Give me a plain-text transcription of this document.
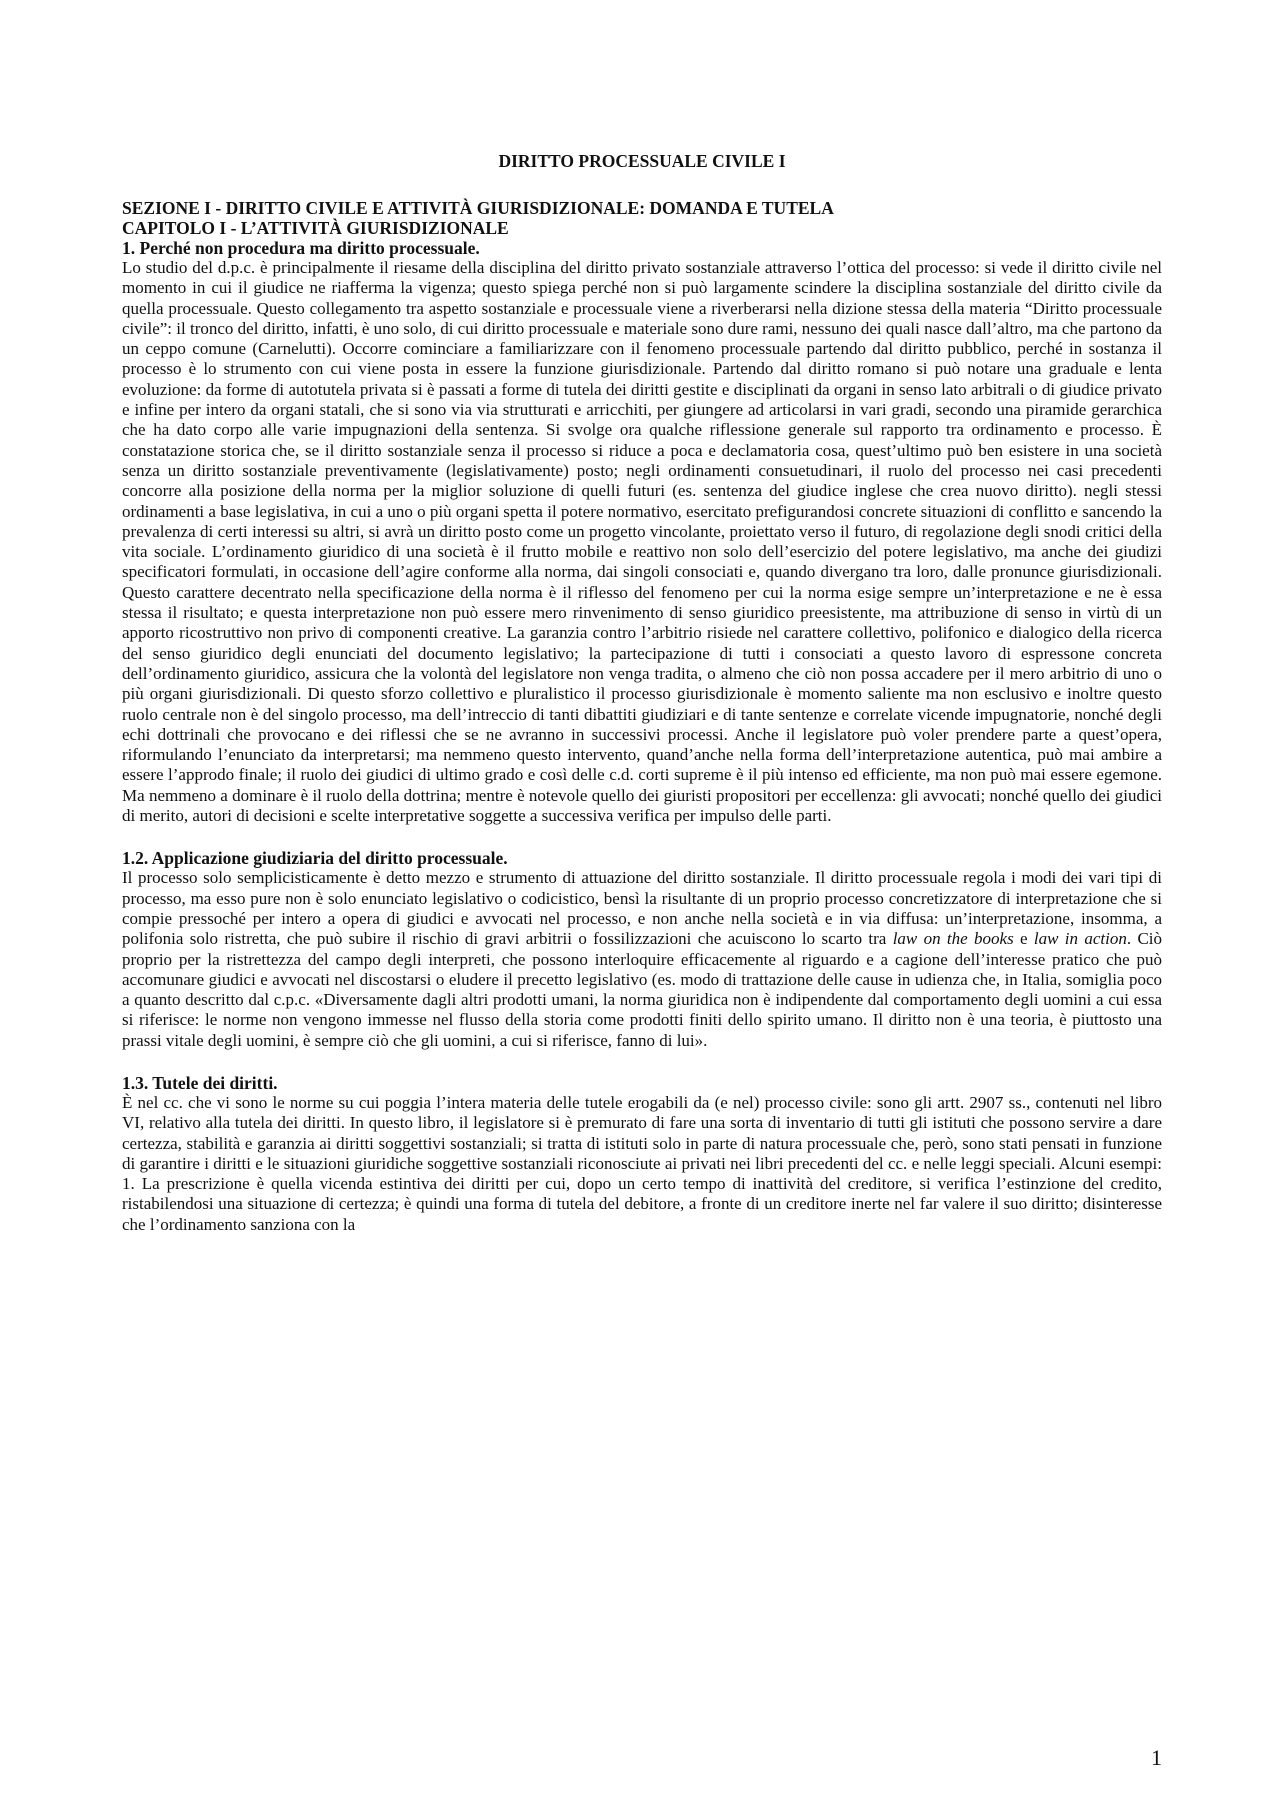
DIRITTO PROCESSUALE CIVILE I

SEZIONE I - DIRITTO CIVILE E ATTIVITÀ GIURISDIZIONALE: DOMANDA E TUTELA

CAPITOLO I - L’ATTIVITÀ GIURISDIZIONALE

1. Perché non procedura ma diritto processuale.

Lo studio del d.p.c. è principalmente il riesame della disciplina del diritto privato sostanziale attraverso l’ottica del processo: si vede il diritto civile nel momento in cui il giudice ne riafferma la vigenza; questo spiega perché non si può largamente scindere la disciplina sostanziale del diritto civile da quella processuale. Questo collegamento tra aspetto sostanziale e processuale viene a riverberarsi nella dizione stessa della materia “Diritto processuale civile”: il tronco del diritto, infatti, è uno solo, di cui diritto processuale e materiale sono dure rami, nessuno dei quali nasce dall’altro, ma che partono da un ceppo comune (Carnelutti). Occorre cominciare a familiarizzare con il fenomeno processuale partendo dal diritto pubblico, perché in sostanza il processo è lo strumento con cui viene posta in essere la funzione giurisdizionale. Partendo dal diritto romano si può notare una graduale e lenta evoluzione: da forme di autotutela privata si è passati a forme di tutela dei diritti gestite e disciplinati da organi in senso lato arbitrali o di giudice privato e infine per intero da organi statali, che si sono via via strutturati e arricchiti, per giungere ad articolarsi in vari gradi, secondo una piramide gerarchica che ha dato corpo alle varie impugnazioni della sentenza. Si svolge ora qualche riflessione generale sul rapporto tra ordinamento e processo. È constatazione storica che, se il diritto sostanziale senza il processo si riduce a poca e declamatoria cosa, quest’ultimo può ben esistere in una società senza un diritto sostanziale preventivamente (legislativamente) posto; negli ordinamenti consuetudinari, il ruolo del processo nei casi precedenti concorre alla posizione della norma per la miglior soluzione di quelli futuri (es. sentenza del giudice inglese che crea nuovo diritto). negli stessi ordinamenti a base legislativa, in cui a uno o più organi spetta il potere normativo, esercitato prefigurandosi concrete situazioni di conflitto e sancendo la prevalenza di certi interessi su altri, si avrà un diritto posto come un progetto vincolante, proiettato verso il futuro, di regolazione degli snodi critici della vita sociale. L’ordinamento giuridico di una società è il frutto mobile e reattivo non solo dell’esercizio del potere legislativo, ma anche dei giudizi specificatori formulati, in occasione dell’agire conforme alla norma, dai singoli consociati e, quando divergano tra loro, dalle pronunce giurisdizionali. Questo carattere decentrato nella specificazione della norma è il riflesso del fenomeno per cui la norma esige sempre un’interpretazione e ne è essa stessa il risultato; e questa interpretazione non può essere mero rinvenimento di senso giuridico preesistente, ma attribuzione di senso in virtù di un apporto ricostruttivo non privo di componenti creative. La garanzia contro l’arbitrio risiede nel carattere collettivo, polifonico e dialogico della ricerca del senso giuridico degli enunciati del documento legislativo; la partecipazione di tutti i consociati a questo lavoro di espressone concreta dell’ordinamento giuridico, assicura che la volontà del legislatore non venga tradita, o almeno che ciò non possa accadere per il mero arbitrio di uno o più organi giurisdizionali. Di questo sforzo collettivo e pluralistico il processo giurisdizionale è momento saliente ma non esclusivo e inoltre questo ruolo centrale non è del singolo processo, ma dell’intreccio di tanti dibattiti giudiziari e di tante sentenze e correlate vicende impugnatorie, nonché degli echi dottrinali che provocano e dei riflessi che se ne avranno in successivi processi. Anche il legislatore può voler prendere parte a quest’opera, riformulando l’enunciato da interpretarsi; ma nemmeno questo intervento, quand’anche nella forma dell’interpretazione autentica, può mai ambire a essere l’approdo finale; il ruolo dei giudici di ultimo grado e così delle c.d. corti supreme è il più intenso ed efficiente, ma non può mai essere egemone. Ma nemmeno a dominare è il ruolo della dottrina; mentre è notevole quello dei giuristi propositori per eccellenza: gli avvocati; nonché quello dei giudici di merito, autori di decisioni e scelte interpretative soggette a successiva verifica per impulso delle parti.

1.2. Applicazione giudiziaria del diritto processuale.

Il processo solo semplicisticamente è detto mezzo e strumento di attuazione del diritto sostanziale. Il diritto processuale regola i modi dei vari tipi di processo, ma esso pure non è solo enunciato legislativo o codicistico, bensì la risultante di un proprio processo concretizzatore di interpretazione che si compie pressoché per intero a opera di giudici e avvocati nel processo, e non anche nella società e in via diffusa: un’interpretazione, insomma, a polifonia solo ristretta, che può subire il rischio di gravi arbitrii o fossilizzazioni che acuiscono lo scarto tra law on the books e law in action. Ciò proprio per la ristrettezza del campo degli interpreti, che possono interloquire efficacemente al riguardo e a cagione dell’interesse pratico che può accomunare giudici e avvocati nel discostarsi o eludere il precetto legislativo (es. modo di trattazione delle cause in udienza che, in Italia, somiglia poco a quanto descritto dal c.p.c. «Diversamente dagli altri prodotti umani, la norma giuridica non è indipendente dal comportamento degli uomini a cui essa si riferisce: le norme non vengono immesse nel flusso della storia come prodotti finiti dello spirito umano. Il diritto non è una teoria, è piuttosto una prassi vitale degli uomini, è sempre ciò che gli uomini, a cui si riferisce, fanno di lui».

1.3. Tutele dei diritti.

È nel cc. che vi sono le norme su cui poggia l’intera materia delle tutele erogabili da (e nel) processo civile: sono gli artt. 2907 ss., contenuti nel libro VI, relativo alla tutela dei diritti. In questo libro, il legislatore si è premurato di fare una sorta di inventario di tutti gli istituti che possono servire a dare certezza, stabilità e garanzia ai diritti soggettivi sostanziali; si tratta di istituti solo in parte di natura processuale che, però, sono stati pensati in funzione di garantire i diritti e le situazioni giuridiche soggettive sostanziali riconosciute ai privati nei libri precedenti del cc. e nelle leggi speciali. Alcuni esempi: 1. La prescrizione è quella vicenda estintiva dei diritti per cui, dopo un certo tempo di inattività del creditore, si verifica l’estinzione del credito, ristabilendosi una situazione di certezza; è quindi una forma di tutela del debitore, a fronte di un creditore inerte nel far valere il suo diritto; disinteresse che l’ordinamento sanziona con la

1
